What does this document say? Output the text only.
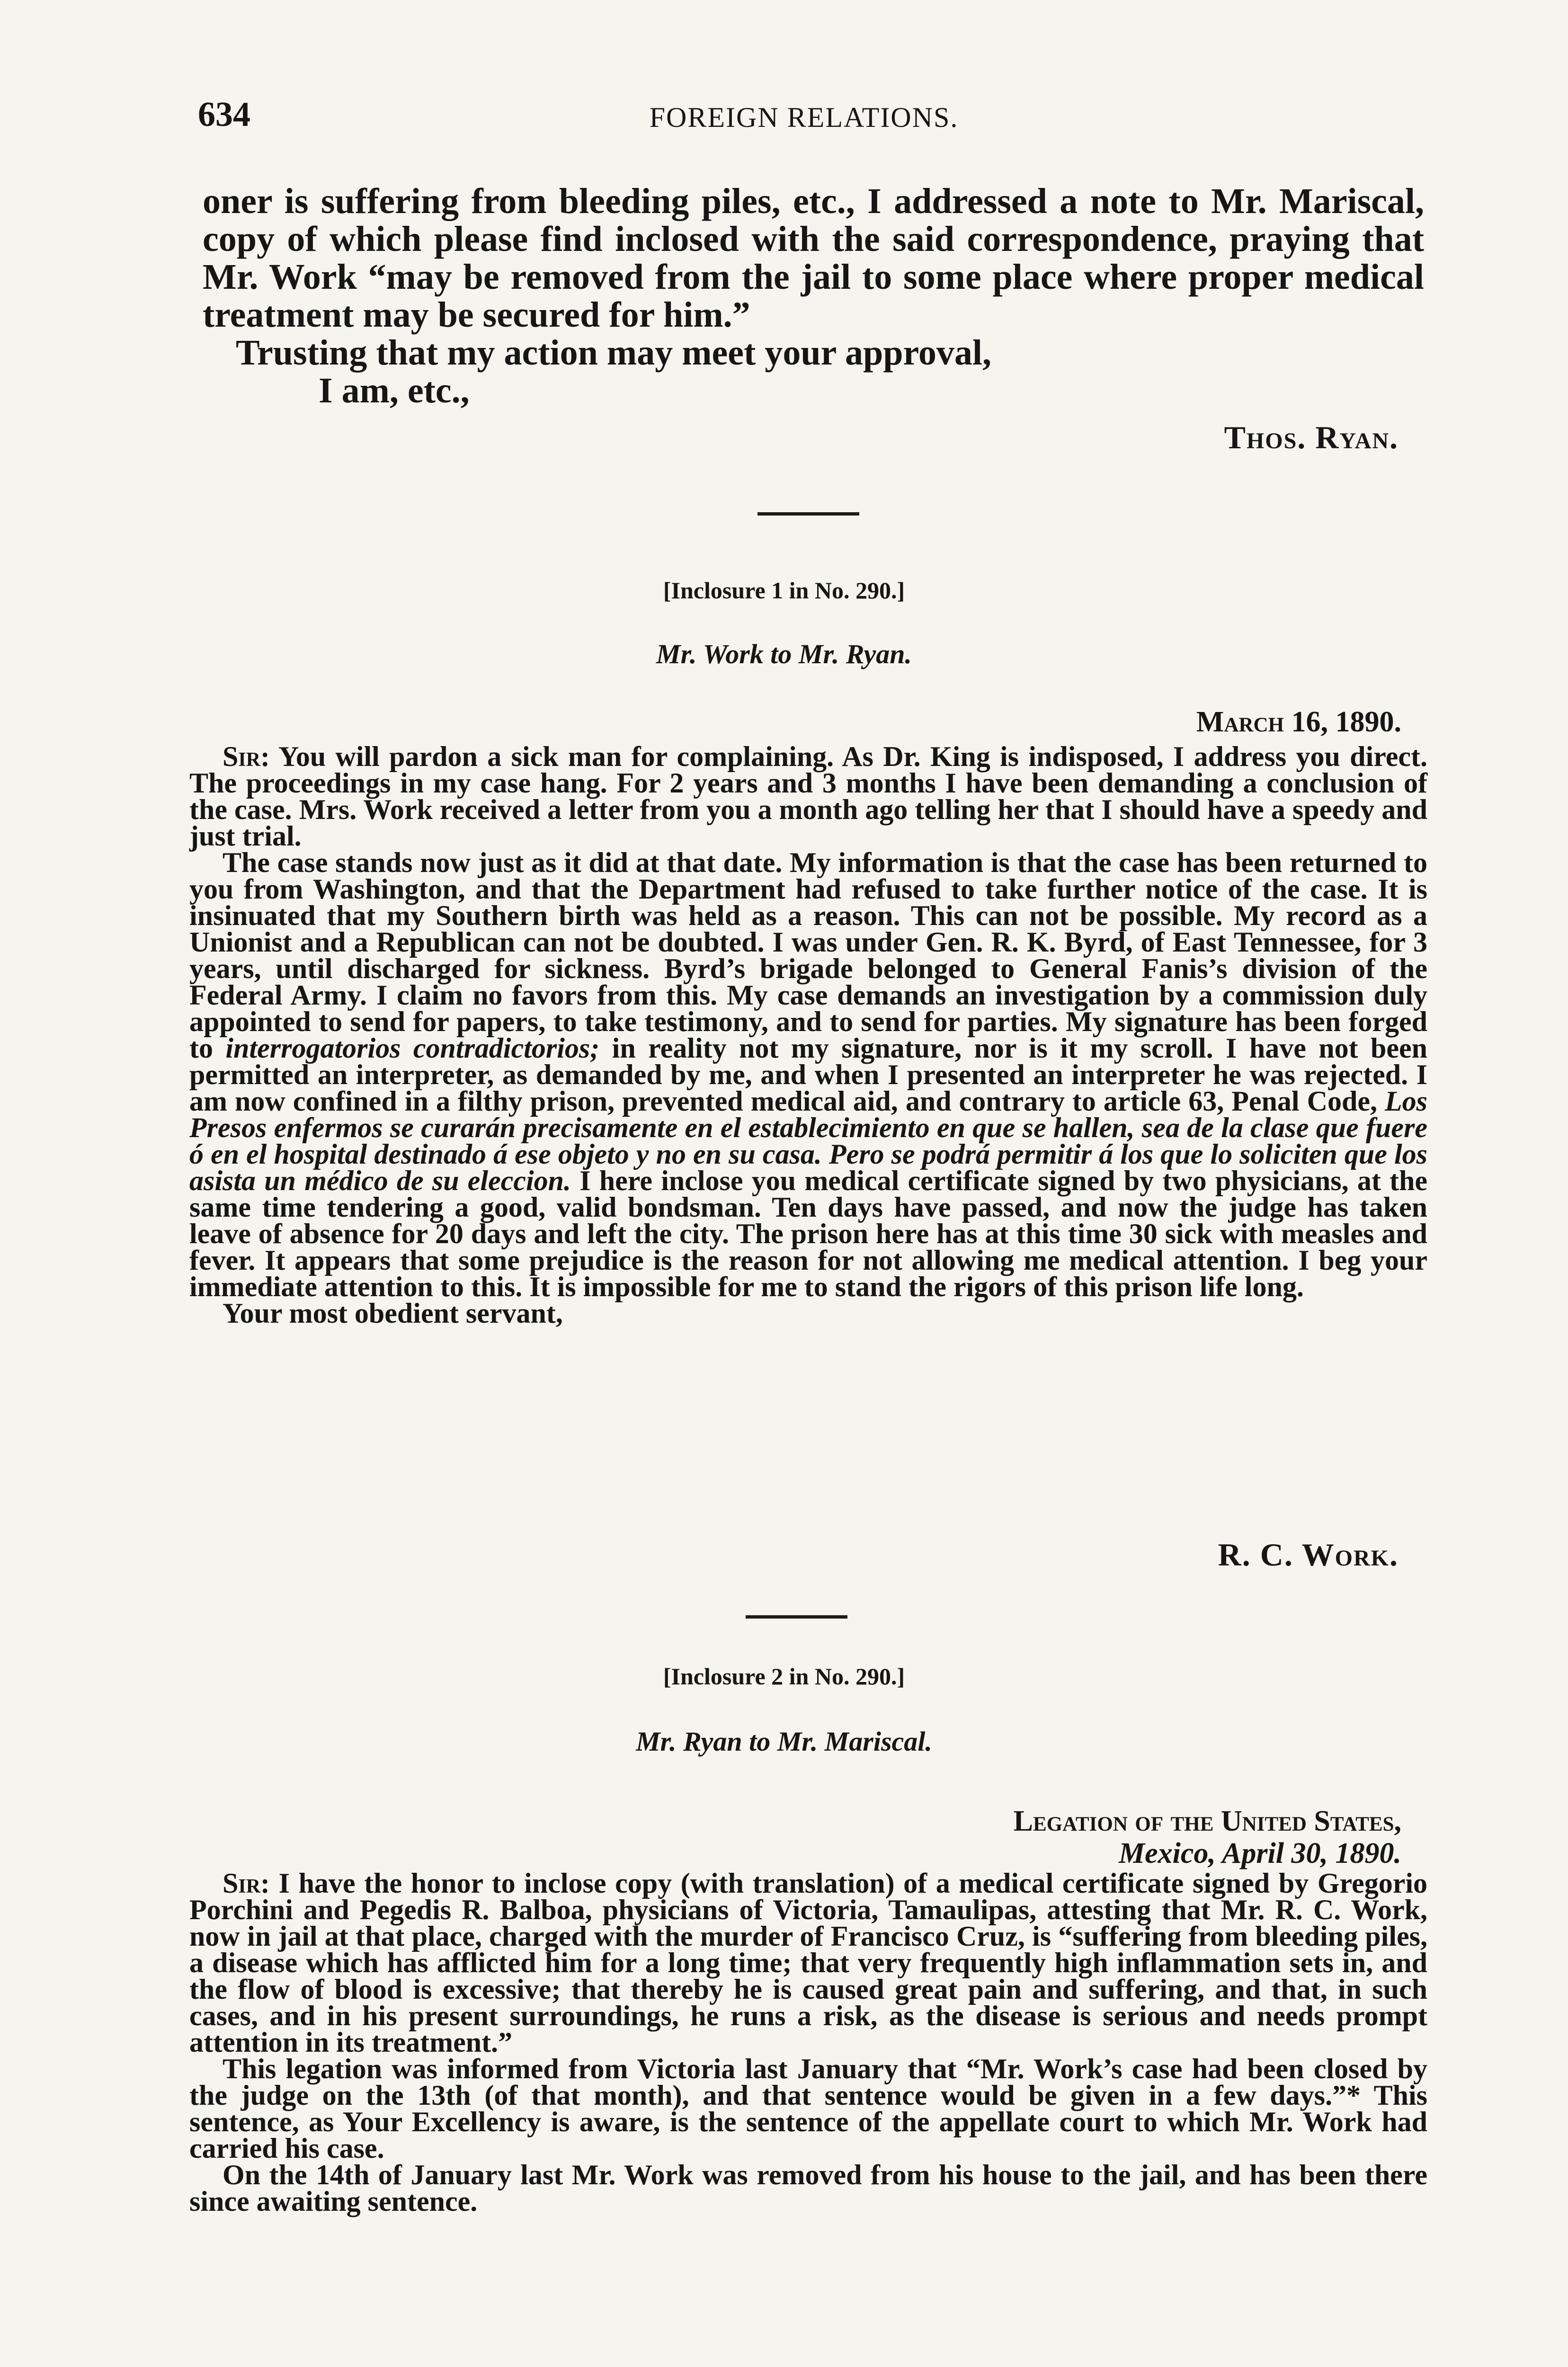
634	FOREIGN RELATIONS.

oner is suffering from bleeding piles, etc., I addressed a note to Mr. Mariscal, copy of which please find inclosed with the said correspondence, praying that Mr. Work “may be removed from the jail to some place where proper medical treatment may be secured for him.”

Trusting that my action may meet your approval,

I am, etc.,

Thos. Ryan.
[Inclosure 1 in No. 290.]
Mr. Work to Mr. Ryan.
March 16, 1890.

Sir: You will pardon a sick man for complaining. As Dr. King is indisposed, I address you direct. The proceedings in my case hang. For 2 years and 3 months I have been demanding a conclusion of the case. Mrs. Work received a letter from you a month ago telling her that I should have a speedy and just trial.

The case stands now just as it did at that date. My information is that the case has been returned to you from Washington, and that the Department had refused to take further notice of the case. It is insinuated that my Southern birth was held as a reason. This can not be possible. My record as a Unionist and a Republican can not be doubted. I was under Gen. R. K. Byrd, of East Tennessee, for 3 years, until discharged for sickness. Byrd’s brigade belonged to General Fanis’s division of the Federal Army. I claim no favors from this. My case demands an investigation by a commission duly appointed to send for papers, to take testimony, and to send for parties. My signature has been forged to interrogatorios contradictorios; in reality not my signature, nor is it my scroll. I have not been permitted an interpreter, as demanded by me, and when I presented an interpreter he was rejected. I am now confined in a filthy prison, prevented medical aid, and contrary to article 63, Penal Code, Los Presos enfermos se curarán precisamente en el establecimiento en que se hallen, sea de la clase que fuere ó en el hospital destinado á ese objeto y no en su casa. Pero se podrá permitir á los que lo soliciten que los asista un médico de su eleccion. I here inclose you medical certificate signed by two physicians, at the same time tendering a good, valid bondsman. Ten days have passed, and now the judge has taken leave of absence for 20 days and left the city. The prison here has at this time 30 sick with measles and fever. It appears that some prejudice is the reason for not allowing me medical attention. I beg your immediate attention to this. It is impossible for me to stand the rigors of this prison life long.

Your most obedient servant,

R. C. Work.
[Inclosure 2 in No. 290.]
Mr. Ryan to Mr. Mariscal.
Legation of the United States,
Mexico, April 30, 1890.

Sir: I have the honor to inclose copy (with translation) of a medical certificate signed by Gregorio Porchini and Pegedis R. Balboa, physicians of Victoria, Tamaulipas, attesting that Mr. R. C. Work, now in jail at that place, charged with the murder of Francisco Cruz, is “suffering from bleeding piles, a disease which has afflicted him for a long time; that very frequently high inflammation sets in, and the flow of blood is excessive; that thereby he is caused great pain and suffering, and that, in such cases, and in his present surroundings, he runs a risk, as the disease is serious and needs prompt attention in its treatment.”

This legation was informed from Victoria last January that “Mr. Work’s case had been closed by the judge on the 13th (of that month), and that sentence would be given in a few days.”* This sentence, as Your Excellency is aware, is the sentence of the appellate court to which Mr. Work had carried his case.

On the 14th of January last Mr. Work was removed from his house to the jail, and has been there since awaiting sentence.
